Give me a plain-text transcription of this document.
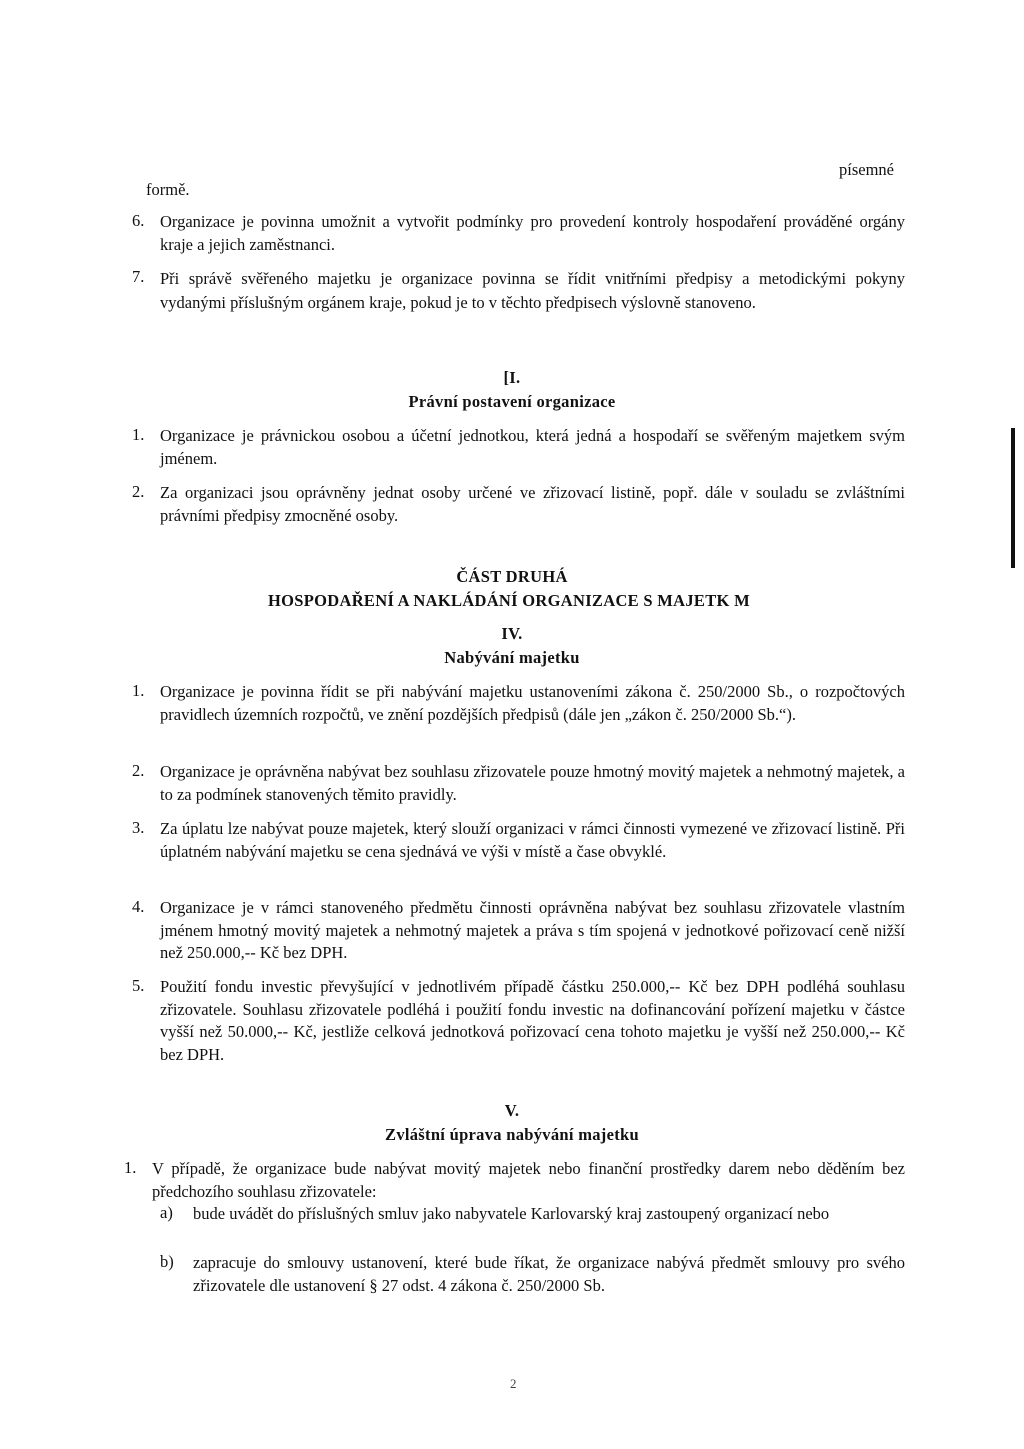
písemné
formě.
6. Organizace je povinna umožnit a vytvořit podmínky pro provedení kontroly hospodaření prováděné orgány kraje a jejich zaměstnanci.
7. Při správě svěřeného majetku je organizace povinna se řídit vnitřními předpisy a metodickými pokyny vydanými příslušným orgánem kraje, pokud je to v těchto předpisech výslovně stanoveno.
[I.
Právní postavení organizace
1. Organizace je právnickou osobou a účetní jednotkou, která jedná a hospodaří se svěřeným majetkem svým jménem.
2. Za organizaci jsou oprávněny jednat osoby určené ve zřizovací listině, popř. dále v souladu se zvláštními právními předpisy zmocněné osoby.
ČÁST DRUHÁ
HOSPODAŘENÍ A NAKLÁDÁNÍ ORGANIZACE S MAJETK M
IV.
Nabývání majetku
1. Organizace je povinna řídit se při nabývání majetku ustanoveními zákona č. 250/2000 Sb., o rozpočtových pravidlech územních rozpočtů, ve znění pozdějších předpisů (dále jen „zákon č. 250/2000 Sb.“).
2. Organizace je oprávněna nabývat bez souhlasu zřizovatele pouze hmotný movitý majetek a nehmotný majetek, a to za podmínek stanovených těmito pravidly.
3. Za úplatu lze nabývat pouze majetek, který slouží organizaci v rámci činnosti vymezené ve zřizovací listině. Při úplatném nabývání majetku se cena sjednává ve výši v místě a čase obvyklé.
4. Organizace je v rámci stanoveného předmětu činnosti oprávněna nabývat bez souhlasu zřizovatele vlastním jménem hmotný movitý majetek a nehmotný majetek a práva s tím spojená v jednotkové pořizovací ceně nižší než 250.000,-- Kč bez DPH.
5. Použití fondu investic převyšující v jednotlivém případě částku 250.000,-- Kč bez DPH podléhá souhlasu zřizovatele. Souhlasu zřizovatele podléhá i použití fondu investic na dofinancování pořízení majetku v částce vyšší než 50.000,-- Kč, jestliže celková jednotková pořizovací cena tohoto majetku je vyšší než 250.000,-- Kč bez DPH.
V.
Zvláštní úprava nabývání majetku
1. V případě, že organizace bude nabývat movitý majetek nebo finanční prostředky darem nebo děděním bez předchozího souhlasu zřizovatele:
a) bude uvádět do příslušných smluv jako nabyvatele Karlovarský kraj zastoupený organizací nebo
b) zapracuje do smlouvy ustanovení, které bude říkat, že organizace nabývá předmět smlouvy pro svého zřizovatele dle ustanovení § 27 odst. 4 zákona č. 250/2000 Sb.
2
